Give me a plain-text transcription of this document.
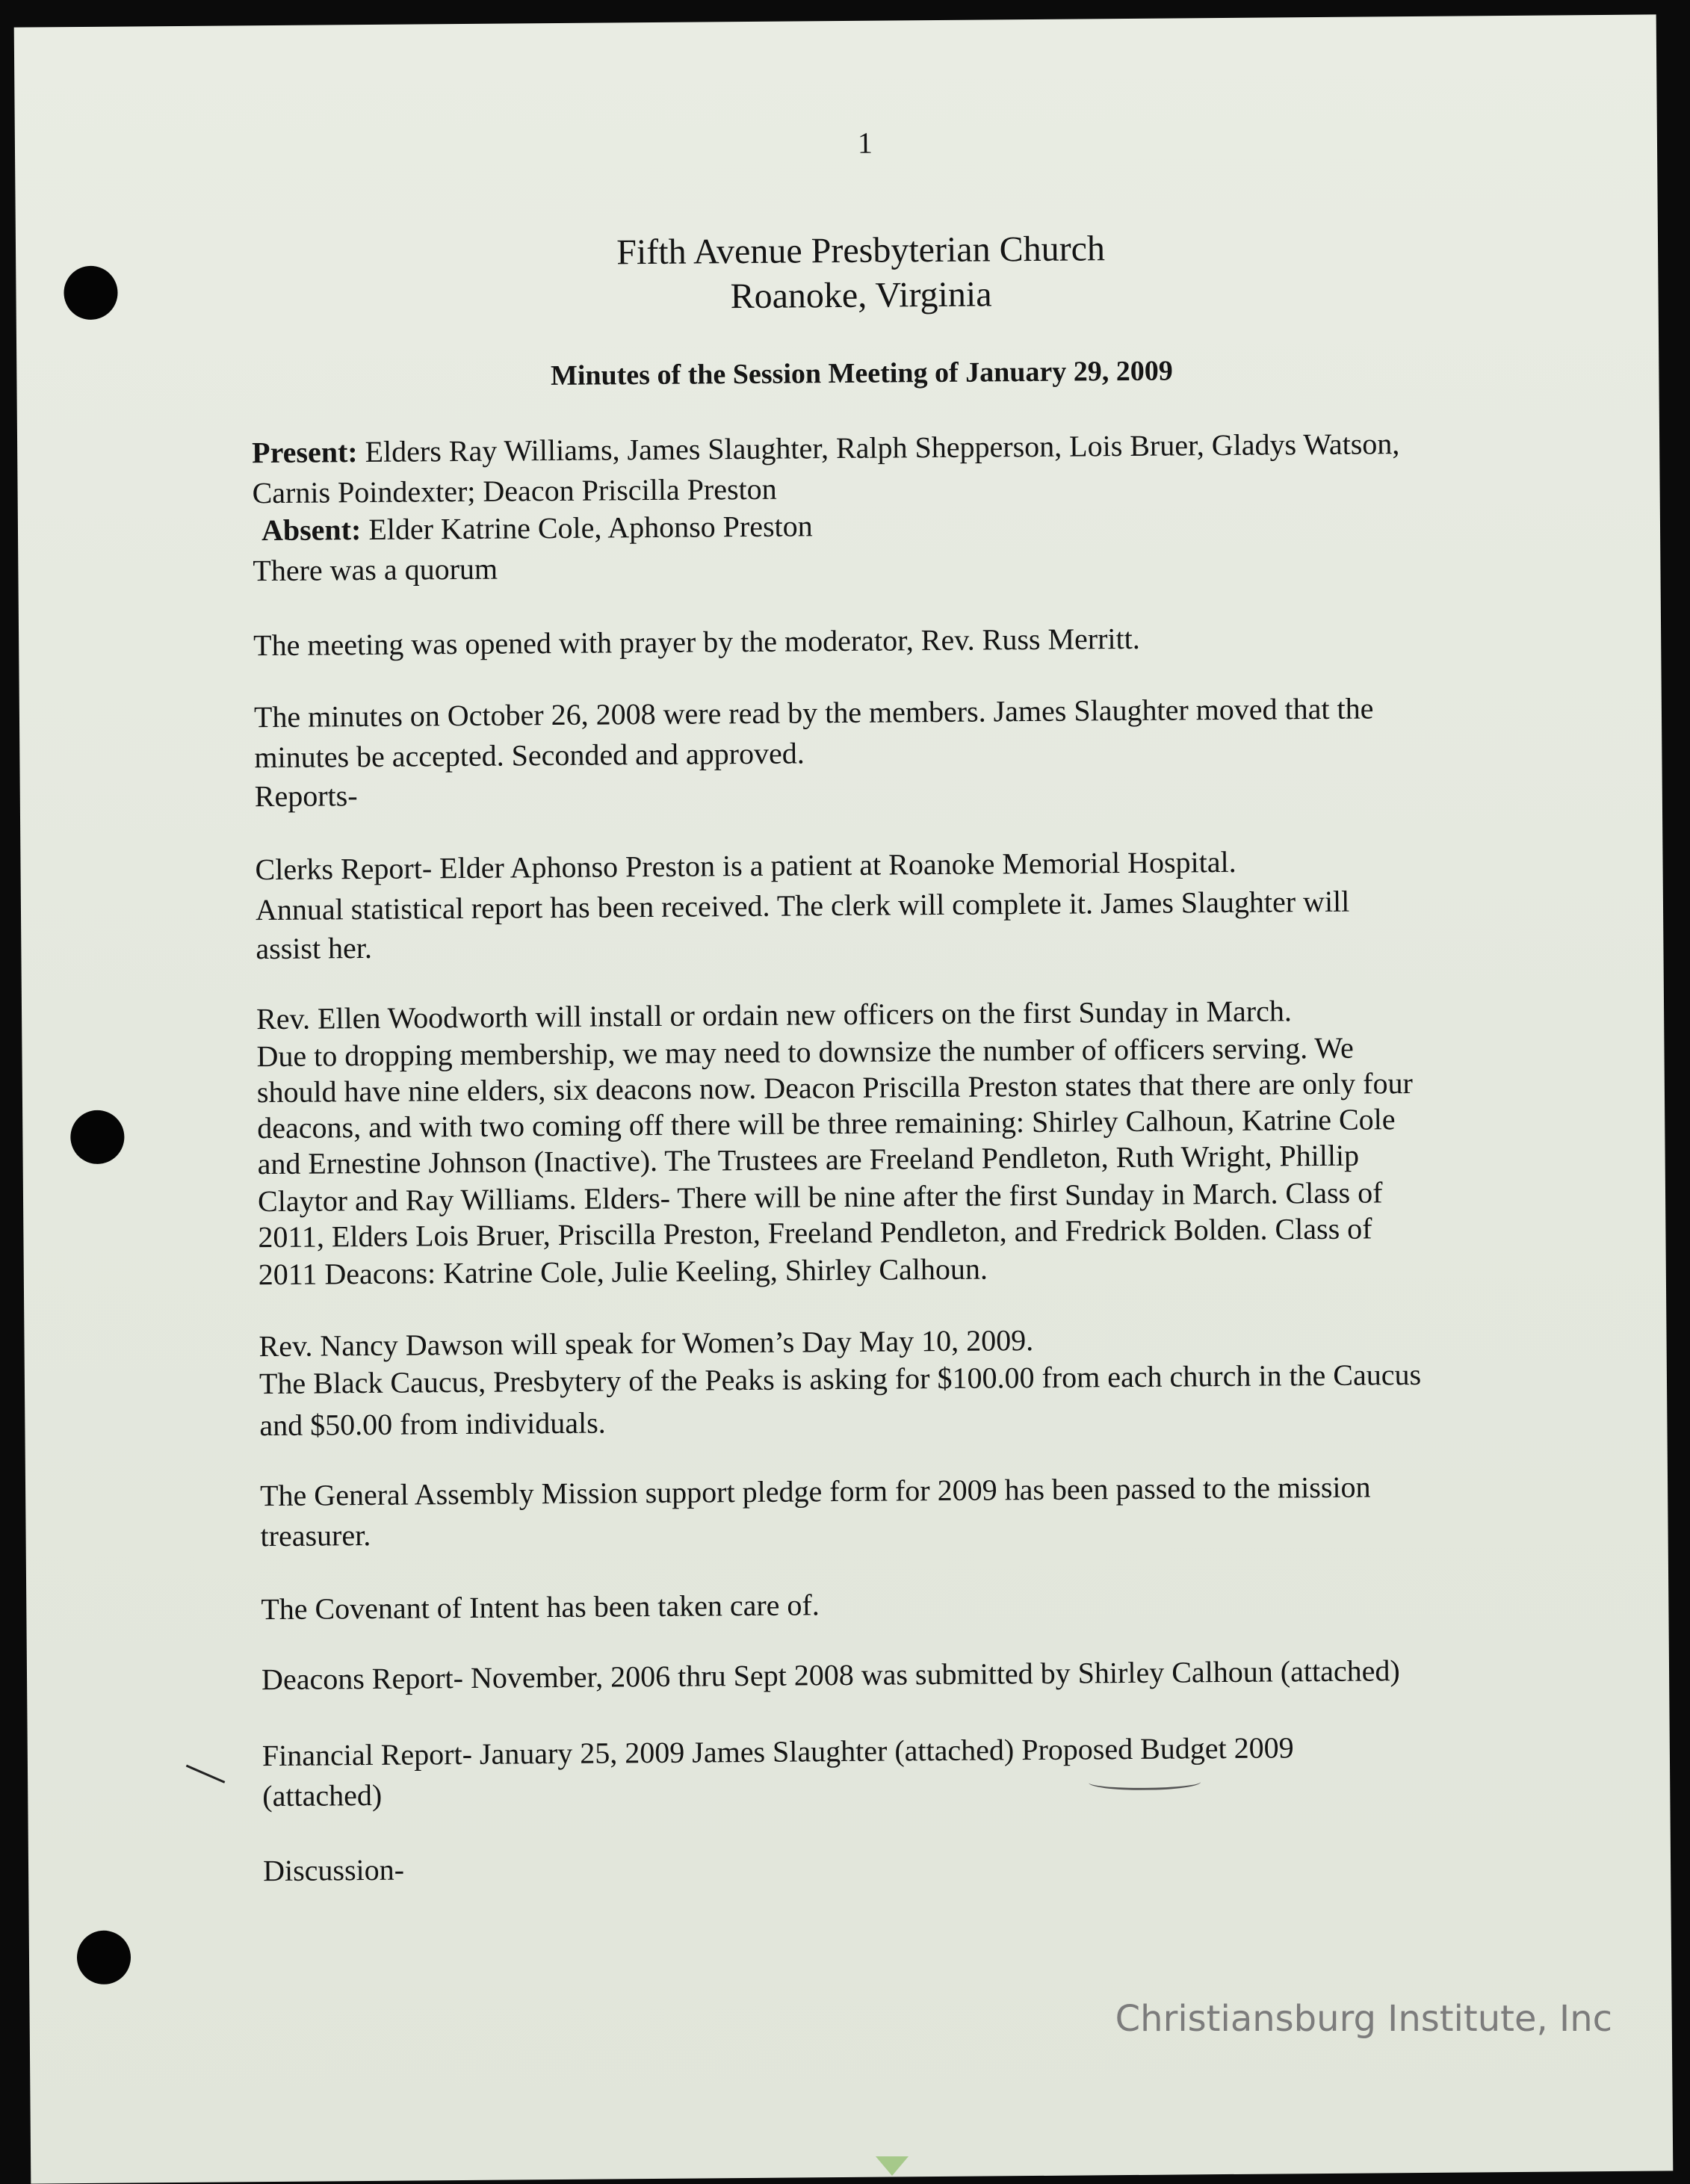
1
Fifth Avenue Presbyterian Church
Roanoke, Virginia
Minutes of the Session Meeting of January 29, 2009
Present: Elders Ray Williams, James Slaughter, Ralph Shepperson, Lois Bruer, Gladys Watson,
Carnis Poindexter; Deacon Priscilla Preston
Absent: Elder Katrine Cole, Aphonso Preston
There was a quorum
The meeting was opened with prayer by the moderator, Rev. Russ Merritt.
The minutes on October 26, 2008 were read by the members. James Slaughter moved that the
minutes be accepted. Seconded and approved.
Reports-
Clerks Report- Elder Aphonso Preston is a patient at Roanoke Memorial Hospital.
Annual statistical report has been received. The clerk will complete it. James Slaughter will
assist her.
Rev. Ellen Woodworth will install or ordain new officers on the first Sunday in March.
Due to dropping membership, we may need to downsize the number of officers serving. We
should have nine elders, six deacons now. Deacon Priscilla Preston states that there are only four
deacons, and with two coming off there will be three remaining: Shirley Calhoun, Katrine Cole
and Ernestine Johnson (Inactive). The Trustees are Freeland Pendleton, Ruth Wright, Phillip
Claytor and Ray Williams. Elders- There will be nine after the first Sunday in March. Class of
2011, Elders Lois Bruer, Priscilla Preston, Freeland Pendleton, and Fredrick Bolden. Class of
2011 Deacons: Katrine Cole, Julie Keeling, Shirley Calhoun.
Rev. Nancy Dawson will speak for Women’s Day May 10, 2009.
The Black Caucus, Presbytery of the Peaks is asking for $100.00 from each church in the Caucus
and $50.00 from individuals.
The General Assembly Mission support pledge form for 2009 has been passed to the mission
treasurer.
The Covenant of Intent has been taken care of.
Deacons Report- November, 2006 thru Sept 2008 was submitted by Shirley Calhoun (attached)
Financial Report- January 25, 2009 James Slaughter (attached) Proposed Budget 2009
(attached)
Discussion-
Christiansburg Institute, Inc
